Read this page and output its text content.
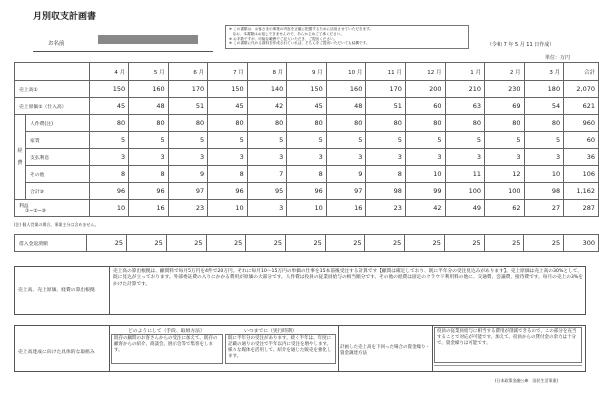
月別収支計画書
※ この書類は、お客さまの事業の内容を正確に把握するために活用させていただきます。
　なお、本書類はお返しできませんので、あらかじめご了承ください。
※ お手数ですが、可能な範囲でご記入いただき、ご提出ください。
※ この書類に代わる資料を作成されていれば、そちらをご提出いただいても結構です。
お名前	（令和 7 年 5 月 11 日作成）
単位：万円
		4 月	5 月	6 月	7 月	8 月	9 月	10 月	11 月	12 月	1 月	2 月	3 月	合計
売上高①		150	160	170	150	140	150	160	170	200	210	230	180	2,070
売上原価②（仕入高）		45	48	51	45	42	45	48	51	60	63	69	54	621
経　費	人件費(注)	80	80	80	80	80	80	80	80	80	80	80	80	960
	家賃	5	5	5	5	5	5	5	5	5	5	5	5	60
	支払利息	3	3	3	3	3	3	3	3	3	3	3	3	36
	その他	8	8	9	8	7	8	9	8	10	11	12	10	106
	合計③	96	96	97	96	95	96	97	98	99	100	100	98	1,162

利益
①−②−③		10	16	23	10	3	10	16	23	42	49	62	27	287
(注) 個人営業の場合、事業主分は含めません。
借入金返済額	25	25	25	25	25	25	25	25	25	25	25	25	300
売上高、売上原価、経費の算出根拠
売上高の算出根拠は、顧問料で毎月5万円を4件で20万円。それに毎月10〜15万円の単価の仕事を15本前後受注する計算です【顧問は確定しており、既に半年分の受注見込みがあります】。売上原価は売上高の30%として、既に見込が立っております。外部委託費の入りにかかる費用が原価の大部分です。人件費は役員の従業員給与の相当額分です。その他の経費は固定のクラウド利用料の他に、交通費、会議費、接待費です。毎月の売上の3%をかけた計算です。
売上高達成に向けた具体的な取組み
どのようにして（手段、取組方法）
既存の顧問のお客さんからの受注に加えて、既存の顧客からの紹介、商談会、展示会等で集客をします。
いつまでに（実行時期）
既に半年分の受注があります。続く半年は、年度に記載の通りの受注で半年以内に受注を増やします。様々な媒体を活用して、紹介を通じた販売を強化します。
計画した売上高を下回った場合の資金繰り・資金調達方法
役員の従業員給与に相当する費用が削減できるので、この部分を充当することで対応が可能です。加えて、役員からの貸付金の余力は十分で、資金繰りは可能です。
(日本政策金融公庫　国民生活事業)
